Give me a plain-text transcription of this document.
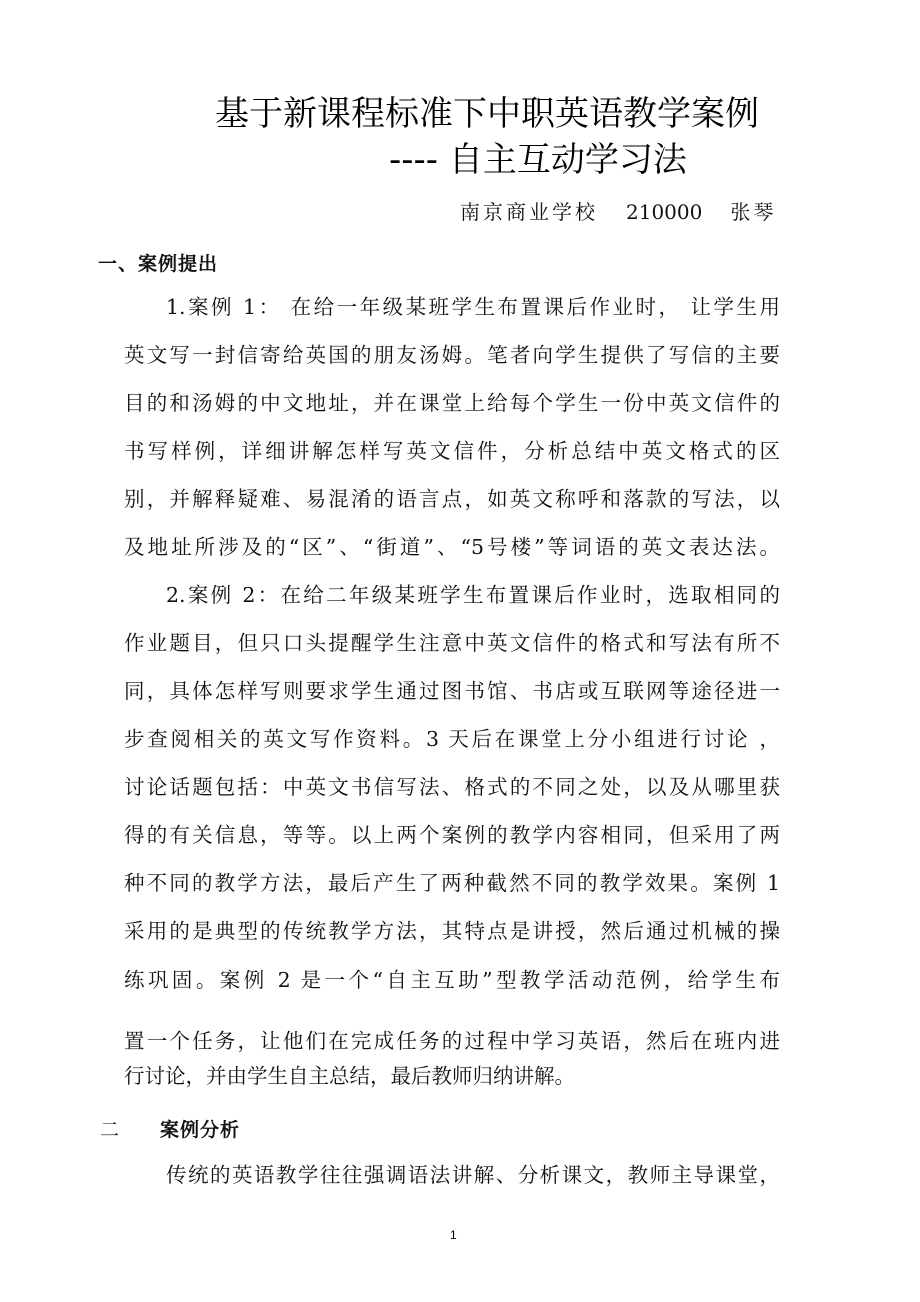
基于新课程标准下中职英语教学案例
---- 自主互动学习法
南京商业学校 210000 张琴
一、案例提出
1.案例 1： 在给一年级某班学生布置课后作业时， 让学生用
英文写一封信寄给英国的朋友汤姆。笔者向学生提供了写信的主要
目的和汤姆的中文地址，并在课堂上给每个学生一份中英文信件的
书写样例，详细讲解怎样写英文信件，分析总结中英文格式的区
别，并解释疑难、易混淆的语言点，如英文称呼和落款的写法，以
及地址所涉及的“区”、“街道”、“5号楼”等词语的英文表达法。
2.案例 2：在给二年级某班学生布置课后作业时，选取相同的
作业题目，但只口头提醒学生注意中英文信件的格式和写法有所不
同，具体怎样写则要求学生通过图书馆、书店或互联网等途径进一
步查阅相关的英文写作资料。3 天后在课堂上分小组进行讨论 ，
讨论话题包括：中英文书信写法、格式的不同之处，以及从哪里获
得的有关信息，等等。以上两个案例的教学内容相同，但采用了两
种不同的教学方法，最后产生了两种截然不同的教学效果。案例 1
采用的是典型的传统教学方法，其特点是讲授，然后通过机械的操
练巩固。案例 2 是一个“自主互助”型教学活动范例，给学生布
置一个任务，让他们在完成任务的过程中学习英语，然后在班内进
行讨论，并由学生自主总结，最后教师归纳讲解。
二 案例分析
传统的英语教学往往强调语法讲解、分析课文，教师主导课堂，
1
